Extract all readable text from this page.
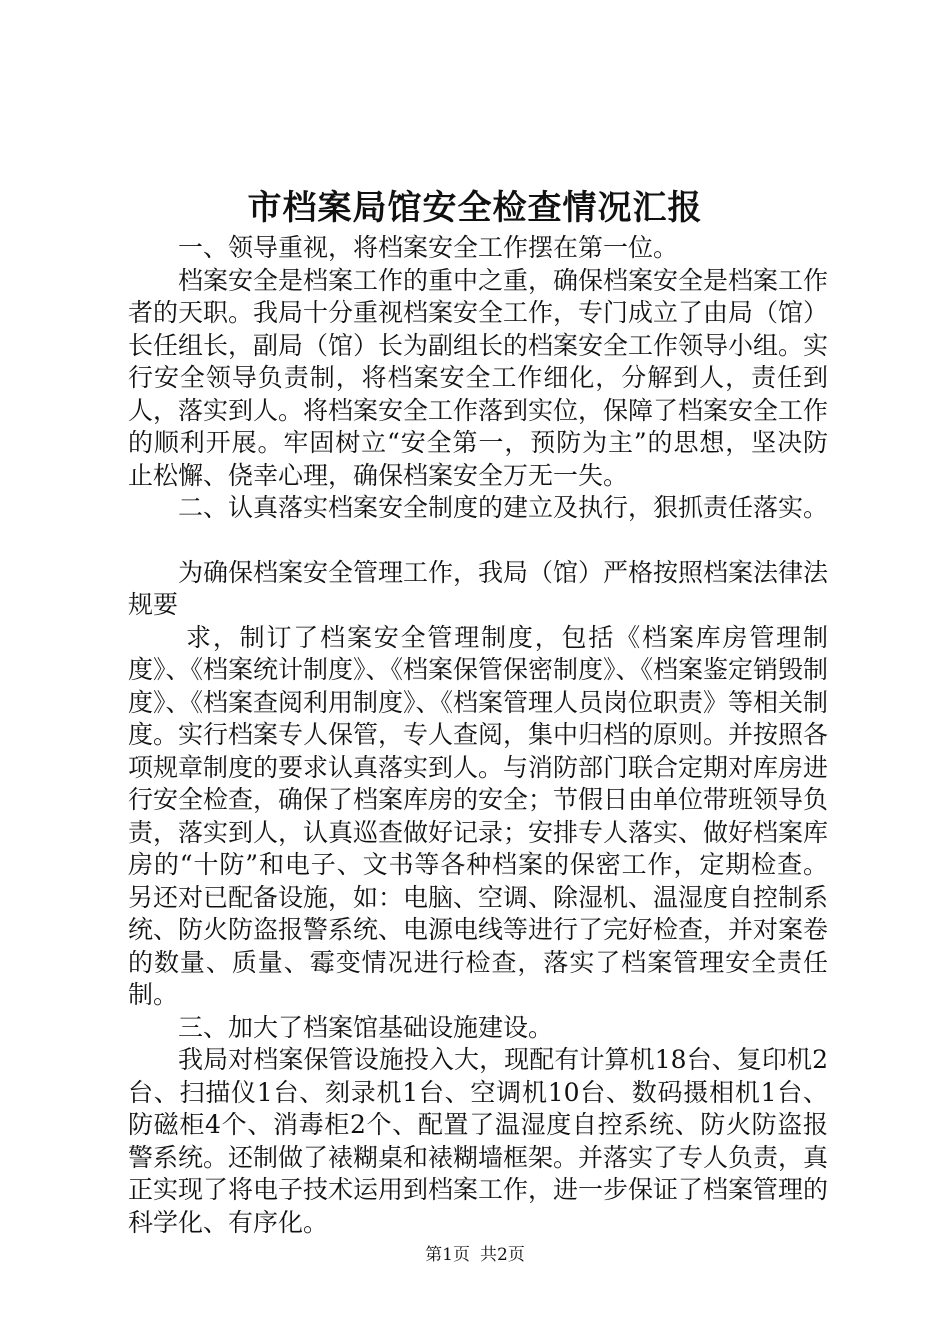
市档案局馆安全检查情况汇报

一、领导重视，将档案安全工作摆在第一位。

档案安全是档案工作的重中之重，确保档案安全是档案工作者的天职。我局十分重视档案安全工作，专门成立了由局（馆）长任组长，副局（馆）长为副组长的档案安全工作领导小组。实行安全领导负责制，将档案安全工作细化，分解到人，责任到人，落实到人。将档案安全工作落到实位，保障了档案安全工作的顺利开展。牢固树立“安全第一，预防为主”的思想，坚决防止松懈、侥幸心理，确保档案安全万无一失。

二、认真落实档案安全制度的建立及执行，狠抓责任落实。

为确保档案安全管理工作，我局（馆）严格按照档案法律法规要

求，制订了档案安全管理制度，包括《档案库房管理制度》、《档案统计制度》、《档案保管保密制度》、《档案鉴定销毁制度》、《档案查阅利用制度》、《档案管理人员岗位职责》等相关制度。实行档案专人保管，专人查阅，集中归档的原则。并按照各项规章制度的要求认真落实到人。与消防部门联合定期对库房进行安全检查，确保了档案库房的安全；节假日由单位带班领导负责，落实到人，认真巡查做好记录；安排专人落实、做好档案库房的“十防”和电子、文书等各种档案的保密工作，定期检查。另还对已配备设施，如：电脑、空调、除湿机、温湿度自控制系统、防火防盗报警系统、电源电线等进行了完好检查，并对案卷的数量、质量、霉变情况进行检查，落实了档案管理安全责任制。

三、加大了档案馆基础设施建设。

我局对档案保管设施投入大，现配有计算机18台、复印机2台、扫描仪1台、刻录机1台、空调机10台、数码摄相机1台、防磁柜4个、消毒柜2个、配置了温湿度自控系统、防火防盗报警系统。还制做了裱糊桌和裱糊墙框架。并落实了专人负责，真正实现了将电子技术运用到档案工作，进一步保证了档案管理的科学化、有序化。

第1页 共2页
